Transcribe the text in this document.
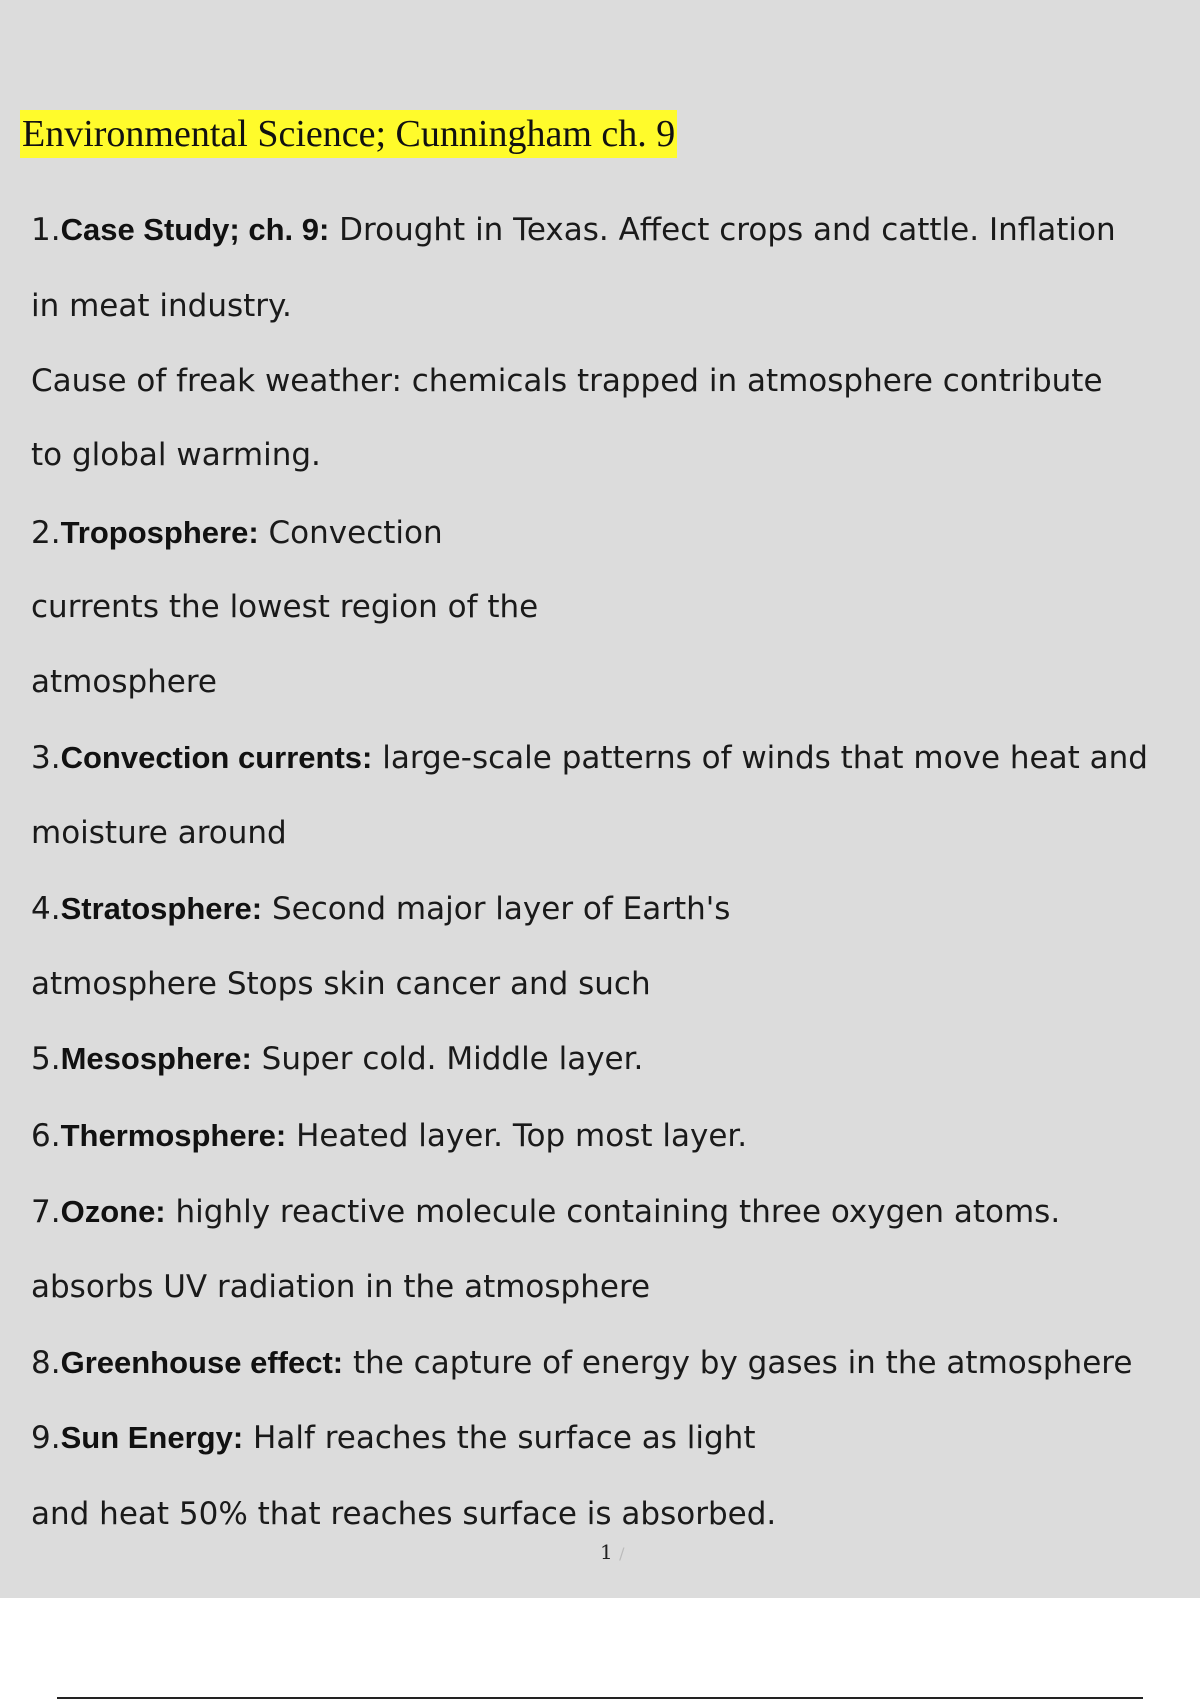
Environmental Science; Cunningham ch. 9
1.Case Study; ch. 9: Drought in Texas. Affect crops and cattle. Inflation
in meat industry.
Cause of freak weather: chemicals trapped in atmosphere contribute
to global warming.
2.Troposphere: Convection
currents the lowest region of the
atmosphere
3.Convection currents: large-scale patterns of winds that move heat and
moisture around
4.Stratosphere: Second major layer of Earth's
atmosphere Stops skin cancer and such
5.Mesosphere: Super cold. Middle layer.
6.Thermosphere: Heated layer. Top most layer.
7.Ozone: highly reactive molecule containing three oxygen atoms.
absorbs UV radiation in the atmosphere
8.Greenhouse effect: the capture of energy by gases in the atmosphere
9.Sun Energy: Half reaches the surface as light
and heat 50% that reaches surface is absorbed.
1 /
